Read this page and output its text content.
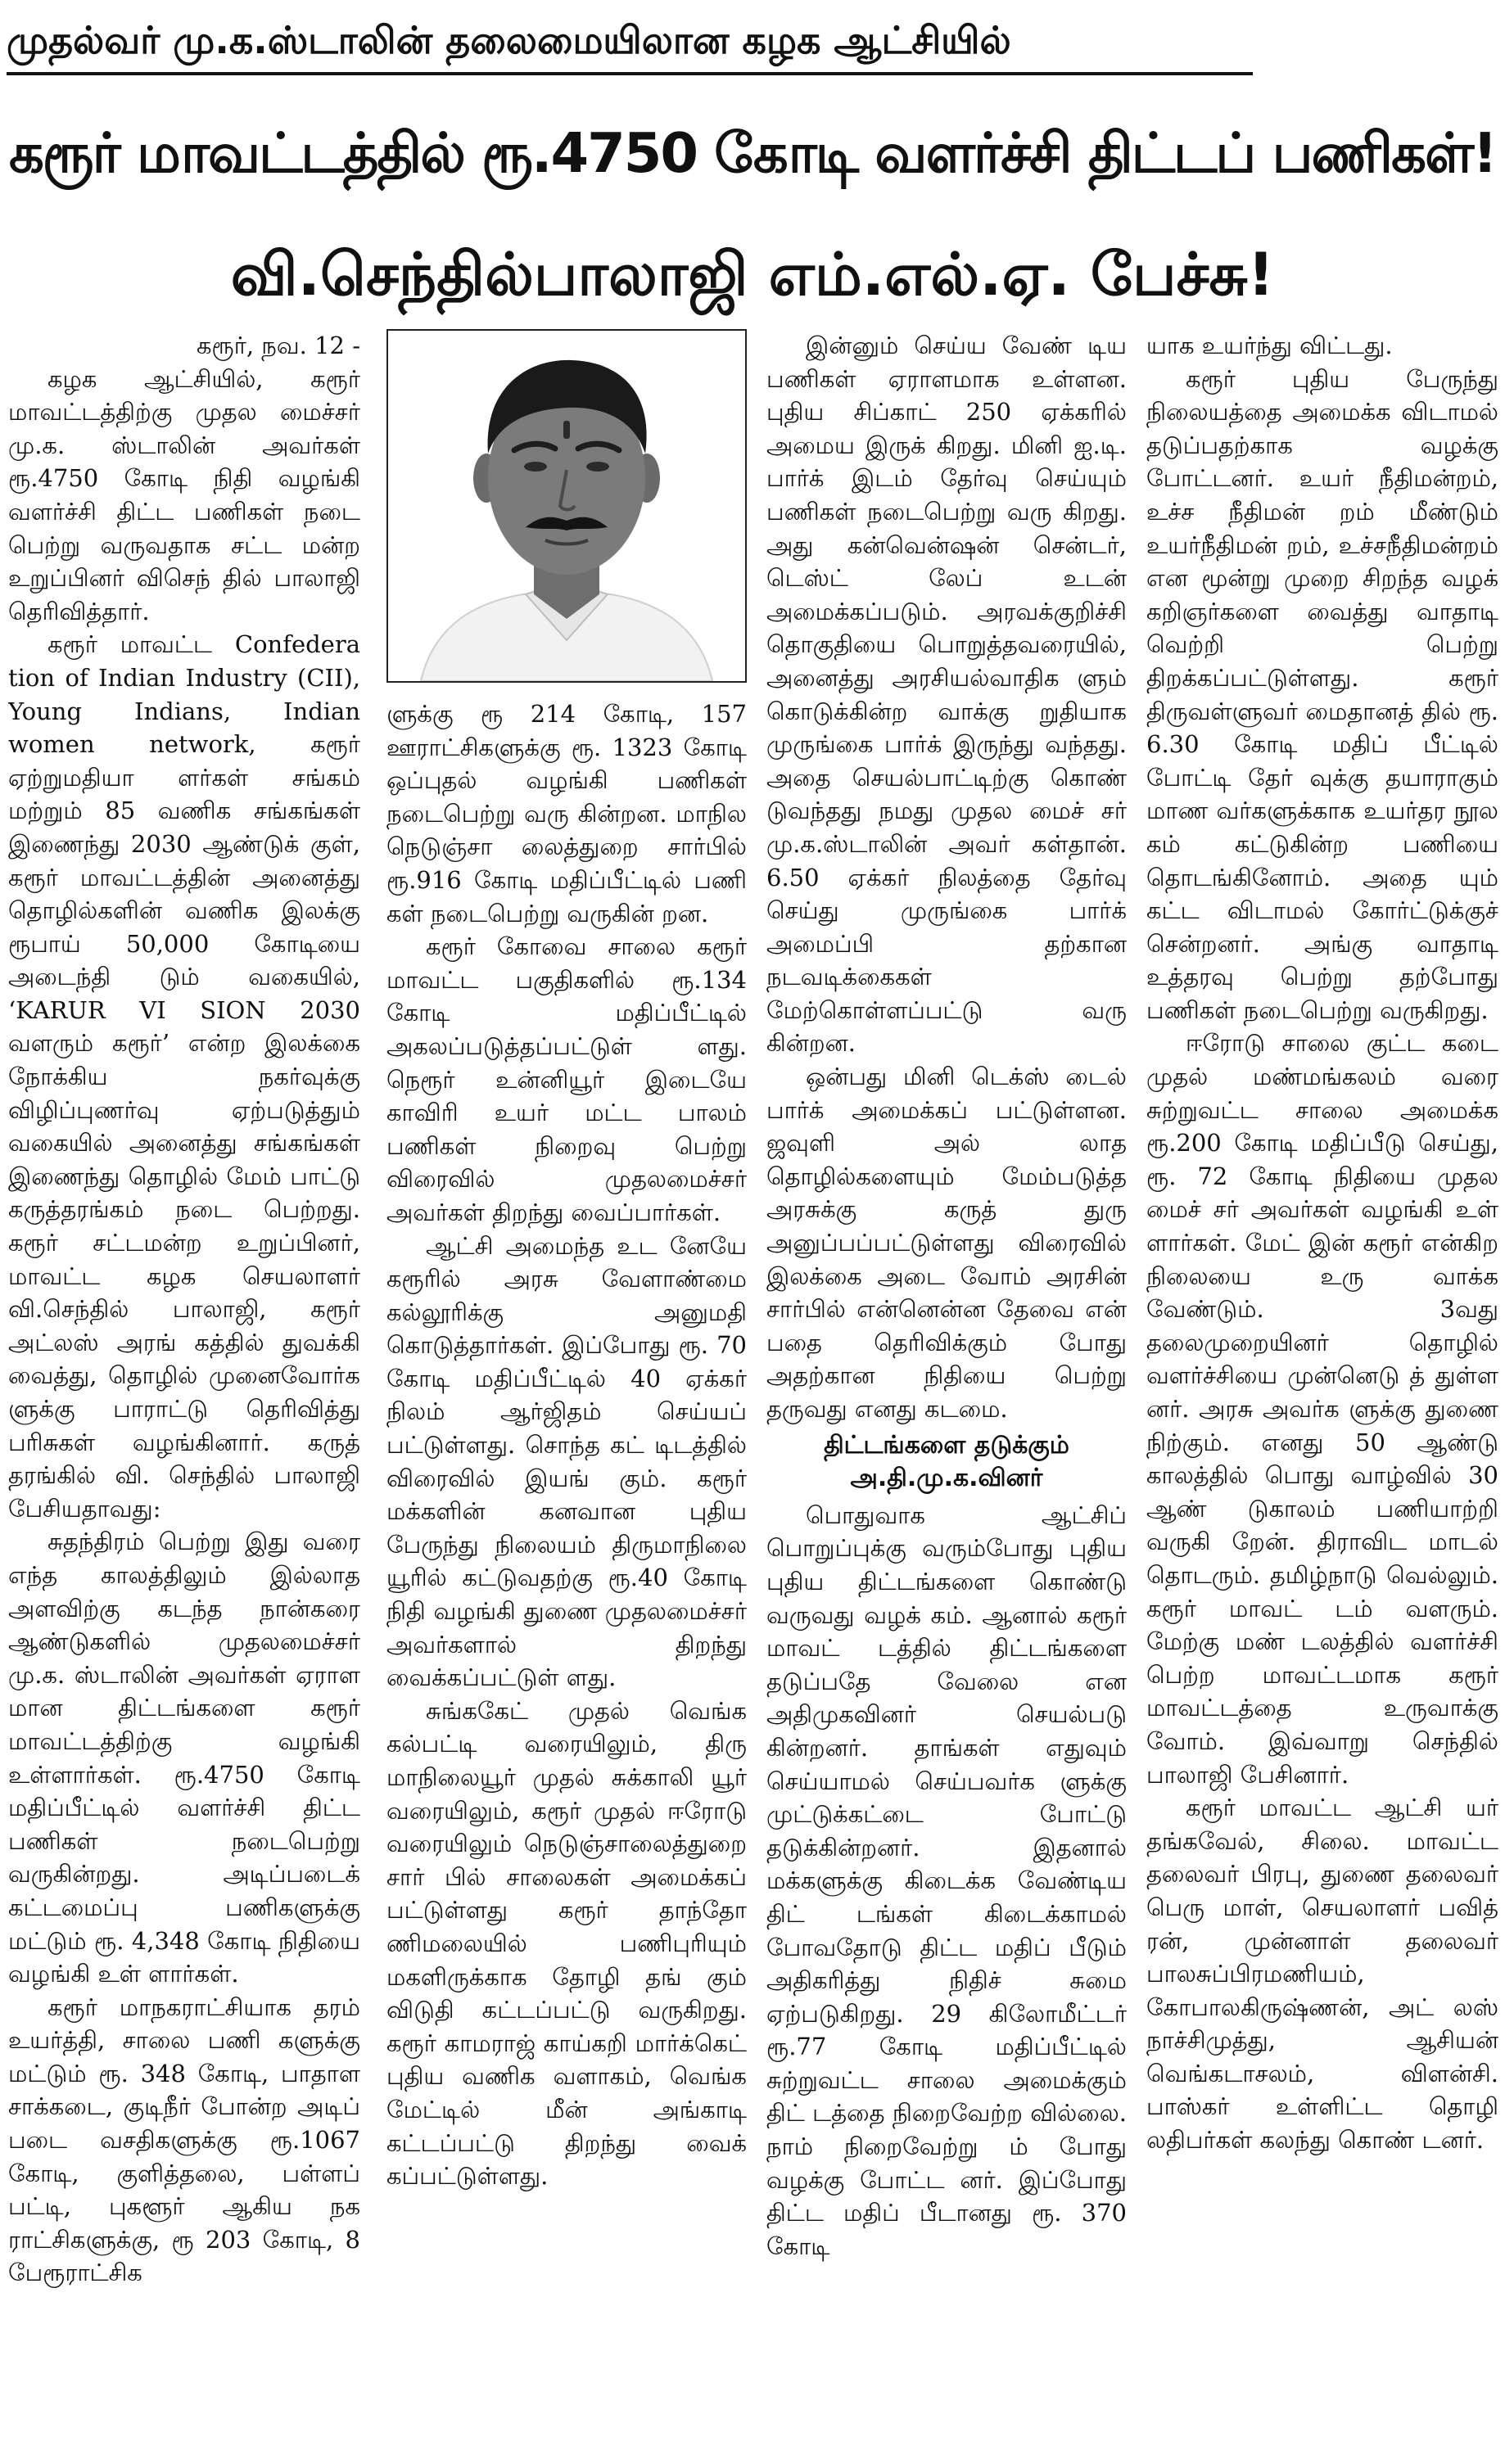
முதல்வர் மு.க.ஸ்டாலின் தலைமையிலான கழக ஆட்சியில்
கரூர் மாவட்டத்தில் ரூ.4750 கோடி வளர்ச்சி திட்டப் பணிகள்!
வி.செந்தில்பாலாஜி எம்.எல்.ஏ. பேச்சு!

கரூர், நவ. 12 -

கழக ஆட்சியில், கரூர் மாவட்டத்திற்கு முதல மைச்சர் மு.க. ஸ்டாலின் அவர்கள் ரூ.4750 கோடி நிதி வழங்கி வளர்ச்சி திட்ட பணிகள் நடை பெற்று வருவதாக சட்ட மன்ற உறுப்பினர் விசெந் தில் பாலாஜி தெரிவித்தார்.

கரூர் மாவட்ட Confedera tion of Indian Industry (CII), Young Indians, Indian women network, கரூர் ஏற்றுமதியா ளர்கள் சங்கம் மற்றும் 85 வணிக சங்கங்கள் இணைந்து 2030 ஆண்டுக் குள், கரூர் மாவட்டத்தின் அனைத்து தொழில்களின் வணிக இலக்கு ரூபாய் 50,000 கோடியை அடைந்தி டும் வகையில், ‘KARUR VI SION 2030 வளரும் கரூர்’ என்ற இலக்கை நோக்கிய நகர்வுக்கு விழிப்புணர்வு ஏற்படுத்தும் வகையில் அனைத்து சங்கங்கள் இணைந்து தொழில் மேம் பாட்டு கருத்தரங்கம் நடை பெற்றது. கரூர் சட்டமன்ற உறுப்பினர், மாவட்ட கழக செயலாளர் வி.செந்தில் பாலாஜி, கரூர் அட்லஸ் அரங் கத்தில் துவக்கி வைத்து, தொழில் முனைவோர்க ளுக்கு பாராட்டு தெரிவித்து பரிசுகள் வழங்கினார். கருத் தரங்கில் வி. செந்தில் பாலாஜி பேசியதாவது:

சுதந்திரம் பெற்று இது வரை எந்த காலத்திலும் இல்லாத அளவிற்கு கடந்த நான்கரை ஆண்டுகளில் முதலமைச்சர் மு.க. ஸ்டாலின் அவர்கள் ஏராள மான திட்டங்களை கரூர் மாவட்டத்திற்கு வழங்கி உள்ளார்கள். ரூ.4750 கோடி மதிப்பீட்டில் வளர்ச்சி திட்ட பணிகள் நடைபெற்று வருகின்றது. அடிப்படைக் கட்டமைப்பு பணிகளுக்கு மட்டும் ரூ. 4,348 கோடி நிதியை வழங்கி உள் ளார்கள்.

கரூர் மாநகராட்சியாக தரம் உயர்த்தி, சாலை பணி களுக்கு மட்டும் ரூ. 348 கோடி, பாதாள சாக்கடை, குடிநீர் போன்ற அடிப் படை வசதிகளுக்கு ரூ.1067 கோடி, குளித்தலை, பள்ளப் பட்டி, புகளூர் ஆகிய நக ராட்சிகளுக்கு, ரூ 203 கோடி, 8 பேரூராட்சிக

ளுக்கு ரூ 214 கோடி, 157 ஊராட்சிகளுக்கு ரூ. 1323 கோடி ஒப்புதல் வழங்கி பணிகள் நடைபெற்று வரு கின்றன. மாநில நெடுஞ்சா லைத்துறை சார்பில் ரூ.916 கோடி மதிப்பீட்டில் பணி கள் நடைபெற்று வருகின் றன.

கரூர் கோவை சாலை கரூர் மாவட்ட பகுதிகளில் ரூ.134 கோடி மதிப்பீட்டில் அகலப்படுத்தப்பட்டுள் ளது. நெரூர் உன்னியூர் இடையே காவிரி உயர் மட்ட பாலம் பணிகள் நிறைவு பெற்று விரைவில் முதலமைச்சர் அவர்கள் திறந்து வைப்பார்கள்.

ஆட்சி அமைந்த உட னேயே கரூரில் அரசு வேளாண்மை கல்லூரிக்கு அனுமதி கொடுத்தார்கள். இப்போது ரூ. 70 கோடி மதிப்பீட்டில் 40 ஏக்கர் நிலம் ஆர்ஜிதம் செய்யப் பட்டுள்ளது. சொந்த கட் டிடத்தில் விரைவில் இயங் கும். கரூர் மக்களின் கனவான புதிய பேருந்து நிலையம் திருமாநிலை யூரில் கட்டுவதற்கு ரூ.40 கோடி நிதி வழங்கி துணை முதலமைச்சர் அவர்களால் திறந்து வைக்கப்பட்டுள் ளது.

சுங்ககேட் முதல் வெங்க கல்பட்டி வரையிலும், திரு மாநிலையூர் முதல் சுக்காலி யூர் வரையிலும், கரூர் முதல் ஈரோடு வரையிலும் நெடுஞ்சாலைத்துறை சார் பில் சாலைகள் அமைக்கப் பட்டுள்ளது கரூர் தாந்தோ ணிமலையில் பணிபுரியும் மகளிருக்காக தோழி தங் கும் விடுதி கட்டப்பட்டு வருகிறது. கரூர் காமராஜ் காய்கறி மார்க்கெட் புதிய வணிக வளாகம், வெங்க மேட்டில் மீன் அங்காடி கட்டப்பட்டு திறந்து வைக் கப்பட்டுள்ளது.

இன்னும் செய்ய வேண் டிய பணிகள் ஏராளமாக உள்ளன. புதிய சிப்காட் 250 ஏக்கரில் அமைய இருக் கிறது. மினி ஐ.டி. பார்க் இடம் தேர்வு செய்யும் பணிகள் நடைபெற்று வரு கிறது. அது கன்வென்ஷன் சென்டர், டெஸ்ட் லேப் உடன் அமைக்கப்படும். அரவக்குறிச்சி தொகுதியை பொறுத்தவரையில், அனைத்து அரசியல்வாதிக ளும் கொடுக்கின்ற வாக்கு றுதியாக முருங்கை பார்க் இருந்து வந்தது. அதை செயல்பாட்டிற்கு கொண் டுவந்தது நமது முதல மைச் சர் மு.க.ஸ்டாலின் அவர் கள்தான். 6.50 ஏக்கர் நிலத்தை தேர்வு செய்து முருங்கை பார்க் அமைப்பி தற்கான நடவடிக்கைகள் மேற்கொள்ளப்பட்டு வரு கின்றன.

ஒன்பது மினி டெக்ஸ் டைல் பார்க் அமைக்கப் பட்டுள்ளன. ஜவுளி அல் லாத தொழில்களையும் மேம்படுத்த அரசுக்கு கருத் துரு அனுப்பப்பட்டுள்ளது விரைவில் இலக்கை அடை வோம் அரசின் சார்பில் என்னென்ன தேவை என் பதை தெரிவிக்கும் போது அதற்கான நிதியை பெற்று தருவது எனது கடமை.

திட்டங்களை தடுக்கும் அ.தி.மு.க.வினர்

பொதுவாக ஆட்சிப் பொறுப்புக்கு வரும்போது புதிய புதிய திட்டங்களை கொண்டு வருவது வழக் கம். ஆனால் கரூர் மாவட் டத்தில் திட்டங்களை தடுப்பதே வேலை என அதிமுகவினர் செயல்படு கின்றனர். தாங்கள் எதுவும் செய்யாமல் செய்பவர்க ளுக்கு முட்டுக்கட்டை போட்டு தடுக்கின்றனர். இதனால் மக்களுக்கு கிடைக்க வேண்டிய திட் டங்கள் கிடைக்காமல் போவதோடு திட்ட மதிப் பீடும் அதிகரித்து நிதிச் சுமை ஏற்படுகிறது. 29 கிலோமீட்டர் ரூ.77 கோடி மதிப்பீட்டில் சுற்றுவட்ட சாலை அமைக்கும் திட் டத்தை நிறைவேற்ற வில்லை. நாம் நிறைவேற்று ம் போது வழக்கு போட்ட னர். இப்போது திட்ட மதிப் பீடானது ரூ. 370 கோடி

யாக உயர்ந்து விட்டது.

கரூர் புதிய பேருந்து நிலையத்தை அமைக்க விடாமல் தடுப்பதற்காக வழக்கு போட்டனர். உயர் நீதிமன்றம், உச்ச நீதிமன் றம் மீண்டும் உயர்நீதிமன் றம், உச்சநீதிமன்றம் என மூன்று முறை சிறந்த வழக் கறிஞர்களை வைத்து வாதாடி வெற்றி பெற்று திறக்கப்பட்டுள்ளது. கரூர் திருவள்ளுவர் மைதானத் தில் ரூ. 6.30 கோடி மதிப் பீட்டில் போட்டி தேர் வுக்கு தயாராகும் மாண வர்களுக்காக உயர்தர நூல கம் கட்டுகின்ற பணியை தொடங்கினோம். அதை யும் கட்ட விடாமல் கோர்ட்டுக்குச் சென்றனர். அங்கு வாதாடி உத்தரவு பெற்று தற்போது பணிகள் நடைபெற்று வருகிறது.

ஈரோடு சாலை குட்ட கடை முதல் மண்மங்கலம் வரை சுற்றுவட்ட சாலை அமைக்க ரூ.200 கோடி மதிப்பீடு செய்து, ரூ. 72 கோடி நிதியை முதல மைச் சர் அவர்கள் வழங்கி உள் ளார்கள். மேட் இன் கரூர் என்கிற நிலையை உரு வாக்க வேண்டும். 3வது தலைமுறையினர் தொழில் வளர்ச்சியை முன்னெடு த் துள்ள னர். அரசு அவர்க ளுக்கு துணை நிற்கும். எனது 50 ஆண்டு காலத்தில் பொது வாழ்வில் 30 ஆண் டுகாலம் பணியாற்றி வருகி றேன். திராவிட மாடல் தொடரும். தமிழ்நாடு வெல்லும். கரூர் மாவட் டம் வளரும். மேற்கு மண் டலத்தில் வளர்ச்சி பெற்ற மாவட்டமாக கரூர் மாவட்டத்தை உருவாக்கு வோம். இவ்வாறு செந்தில் பாலாஜி பேசினார்.

கரூர் மாவட்ட ஆட்சி யர் தங்கவேல், சிலை. மாவட்ட தலைவர் பிரபு, துணை தலைவர் பெரு மாள், செயலாளர் பவித் ரன், முன்னாள் தலைவர் பாலசுப்பிரமணியம், கோபாலகிருஷ்ணன், அட் லஸ் நாச்சிமுத்து, ஆசியன் வெங்கடாசலம், விளன்சி. பாஸ்கர் உள்ளிட்ட தொழி லதிபர்கள் கலந்து கொண் டனர்.
